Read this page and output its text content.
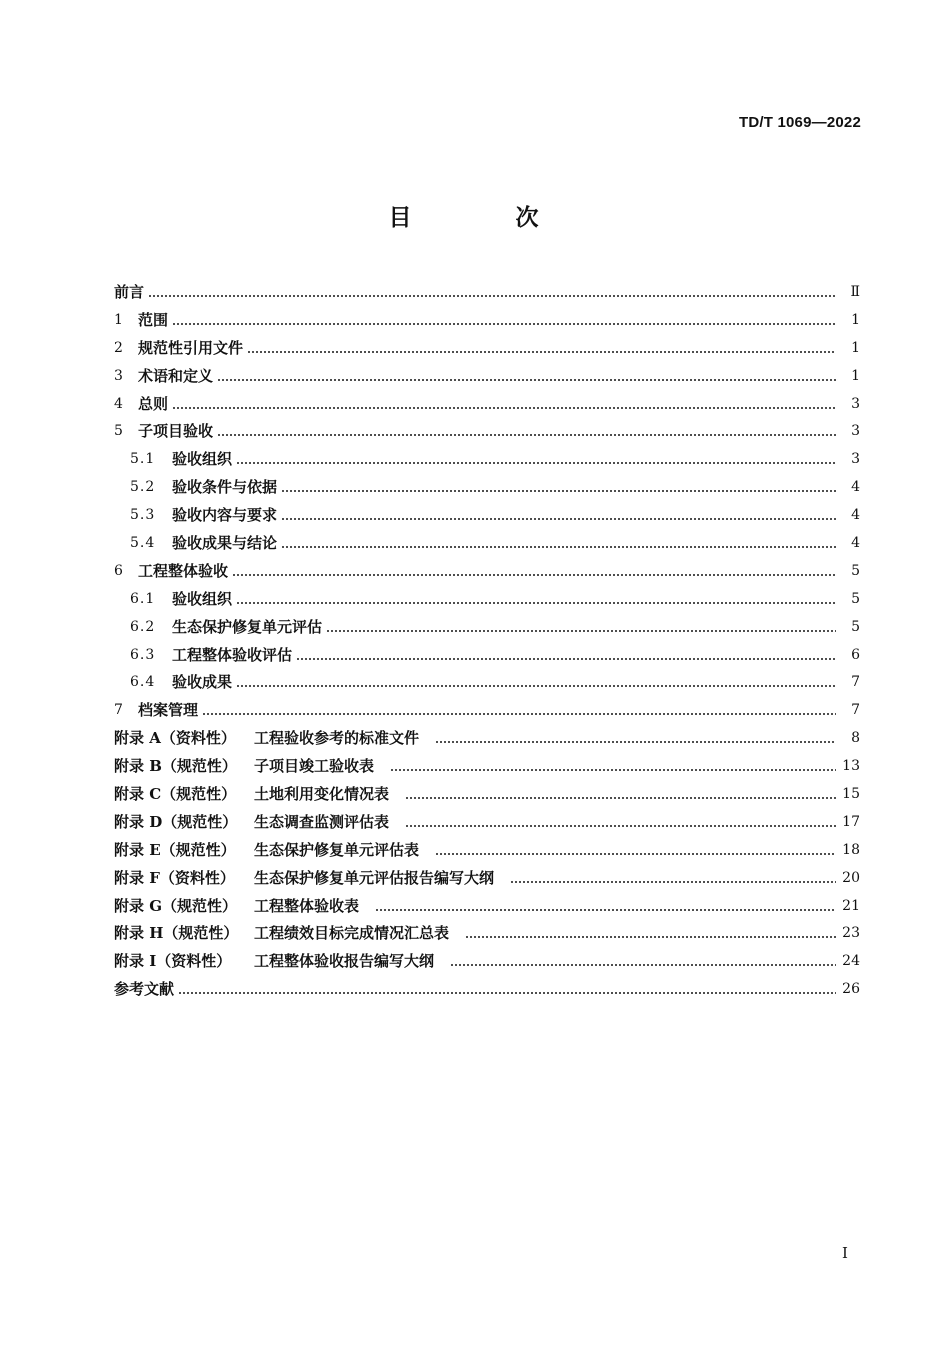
TD/T 1069—2022
目 次
前言	Ⅱ
1	范围	1
2	规范性引用文件	1
3	术语和定义	1
4	总则	3
5	子项目验收	3
5.1	验收组织	3
5.2	验收条件与依据	4
5.3	验收内容与要求	4
5.4	验收成果与结论	4
6	工程整体验收	5
6.1	验收组织	5
6.2	生态保护修复单元评估	5
6.3	工程整体验收评估	6
6.4	验收成果	7
7	档案管理	7
附录 A（资料性）	工程验收参考的标准文件	8
附录 B（规范性）	子项目竣工验收表	13
附录 C（规范性）	土地利用变化情况表	15
附录 D（规范性）	生态调查监测评估表	17
附录 E（规范性）	生态保护修复单元评估表	18
附录 F（资料性）	生态保护修复单元评估报告编写大纲	20
附录 G（规范性）	工程整体验收表	21
附录 H（规范性）	工程绩效目标完成情况汇总表	23
附录 I（资料性）	工程整体验收报告编写大纲	24
参考文献	26
I
